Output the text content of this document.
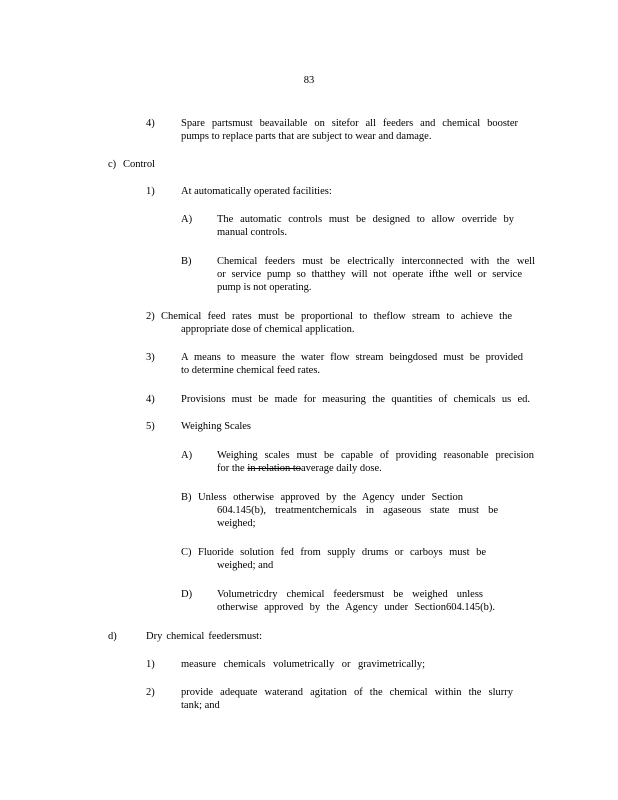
83
4)	Spare partsmust beavailable on sitefor all feeders and chemical booster
pumps to replace parts that are subject to wear and damage.
c) Control
1)	At automatically operated facilities:
A) The automatic controls must be designed to allow override by
manual controls.
B) Chemical feeders must be electrically interconnected with the well
or service pump so thatthey will not operate ifthe well or service
pump is not operating.
2) Chemical feed rates must be proportional to theflow stream to achieve the
appropriate dose of chemical application.
3)	A means to measure the water flow stream beingdosed must be provided
to determine chemical feed rates.
4)	Provisions must be made for measuring the quantities of chemicals us ed.
5)	Weighing Scales
A) Weighing scales must be capable of providing reasonable precision
for the in relation toaverage daily dose.
B) Unless otherwise approved by the Agency under Section
604.145(b), treatmentchemicals in agaseous state must be
weighed;
C) Fluoride solution fed from supply drums or carboys must be
weighed; and
D) Volumetricdry chemical feedersmust be weighed unless
otherwise approved by the Agency under Section604.145(b).
d)	Dry chemical feedersmust:
1)	measure chemicals volumetrically or gravimetrically;
2)	provide adequate waterand agitation of the chemical within the slurry
tank; and
